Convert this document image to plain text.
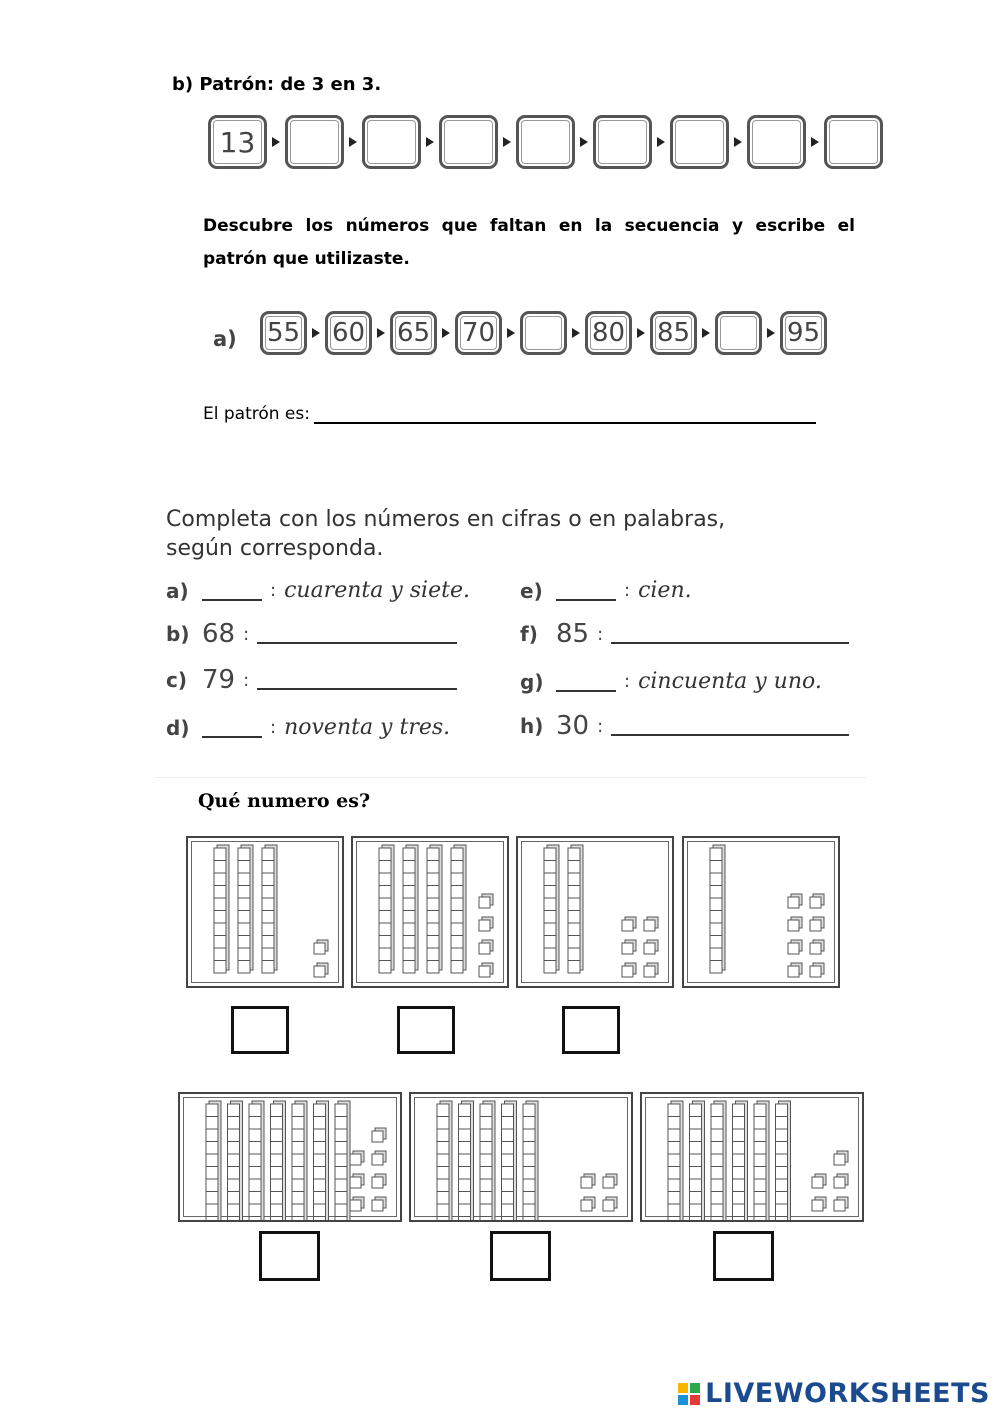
b) Patrón: de 3 en 3.
13
Descubre los números que faltan en la secuencia y escribe el patrón que utilizaste.
a) 55 60 65 70	80 85	95
El patrón es:
Completa con los números en cifras o en palabras,
según corresponda.
a)	: cuarenta y siete.
b) 68 :
c) 79 :
d)	: noventa y tres.
e)	: cien.
f) 85 :
g)	: cincuenta y uno.
h) 30 :
Qué numero es?
LIVEWORKSHEETS
